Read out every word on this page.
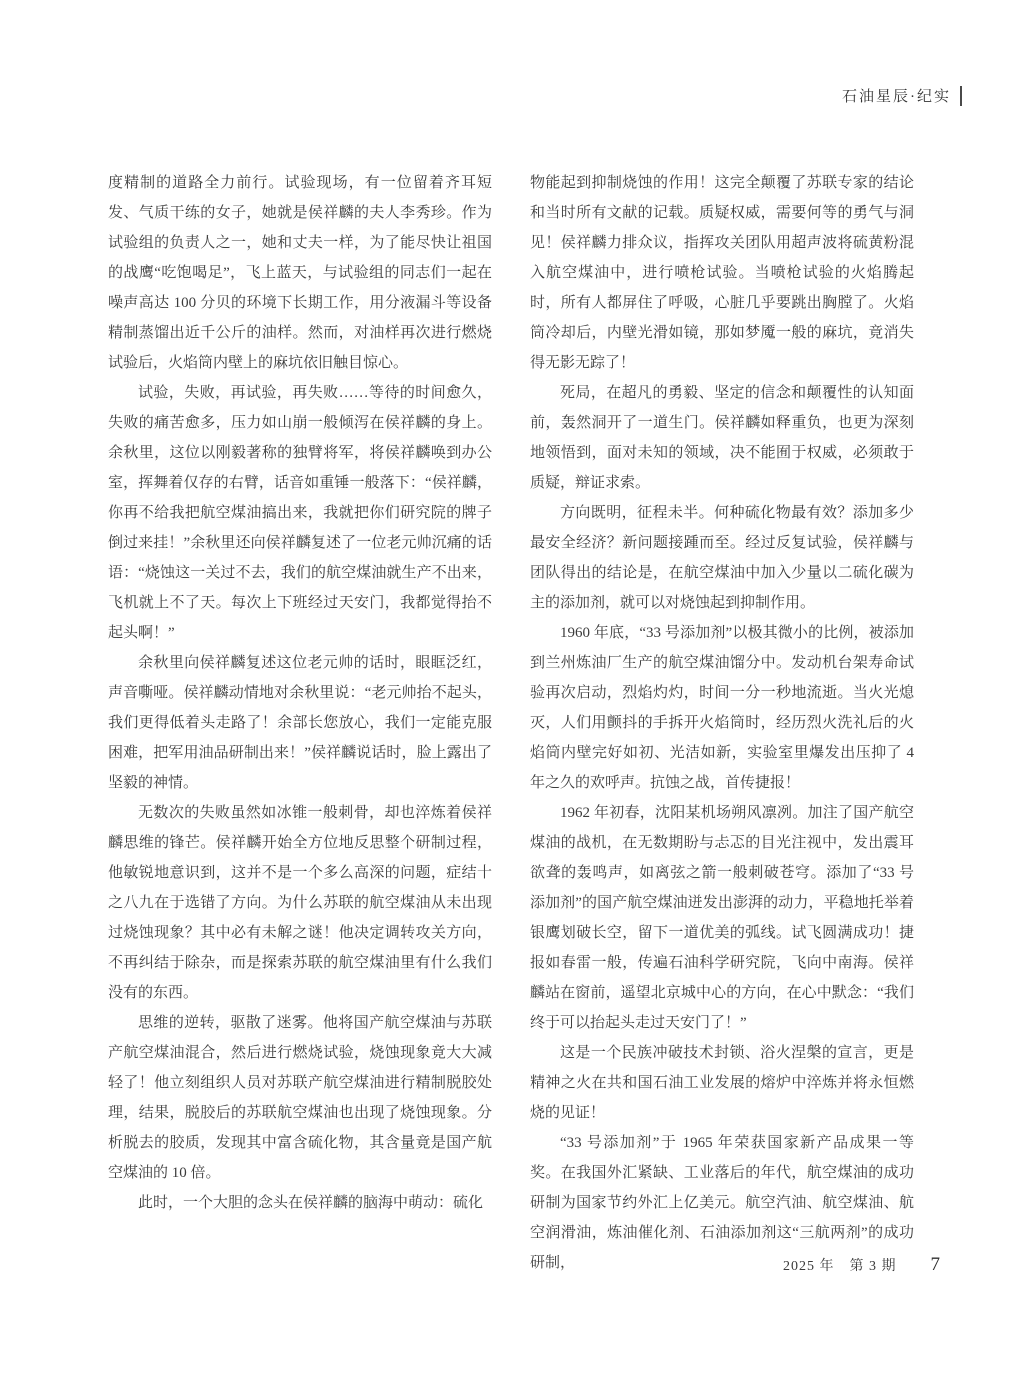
石油星辰·纪实

度精制的道路全力前行。试验现场，有一位留着齐耳短发、气质干练的女子，她就是侯祥麟的夫人李秀珍。作为试验组的负责人之一，她和丈夫一样，为了能尽快让祖国的战鹰“吃饱喝足”，飞上蓝天，与试验组的同志们一起在噪声高达 100 分贝的环境下长期工作，用分液漏斗等设备精制蒸馏出近千公斤的油样。然而，对油样再次进行燃烧试验后，火焰筒内壁上的麻坑依旧触目惊心。

试验，失败，再试验，再失败……等待的时间愈久，失败的痛苦愈多，压力如山崩一般倾泻在侯祥麟的身上。余秋里，这位以刚毅著称的独臂将军，将侯祥麟唤到办公室，挥舞着仅存的右臂，话音如重锤一般落下：“侯祥麟，你再不给我把航空煤油搞出来，我就把你们研究院的牌子倒过来挂！”余秋里还向侯祥麟复述了一位老元帅沉痛的话语：“烧蚀这一关过不去，我们的航空煤油就生产不出来，飞机就上不了天。每次上下班经过天安门，我都觉得抬不起头啊！”

余秋里向侯祥麟复述这位老元帅的话时，眼眶泛红，声音嘶哑。侯祥麟动情地对余秋里说：“老元帅抬不起头，我们更得低着头走路了！余部长您放心，我们一定能克服困难，把军用油品研制出来！”侯祥麟说话时，脸上露出了坚毅的神情。

无数次的失败虽然如冰锥一般刺骨，却也淬炼着侯祥麟思维的锋芒。侯祥麟开始全方位地反思整个研制过程，他敏锐地意识到，这并不是一个多么高深的问题，症结十之八九在于选错了方向。为什么苏联的航空煤油从未出现过烧蚀现象？其中必有未解之谜！他决定调转攻关方向，不再纠结于除杂，而是探索苏联的航空煤油里有什么我们没有的东西。

思维的逆转，驱散了迷雾。他将国产航空煤油与苏联产航空煤油混合，然后进行燃烧试验，烧蚀现象竟大大减轻了！他立刻组织人员对苏联产航空煤油进行精制脱胶处理，结果，脱胶后的苏联航空煤油也出现了烧蚀现象。分析脱去的胶质，发现其中富含硫化物，其含量竟是国产航空煤油的 10 倍。

此时，一个大胆的念头在侯祥麟的脑海中萌动：硫化

物能起到抑制烧蚀的作用！这完全颠覆了苏联专家的结论和当时所有文献的记载。质疑权威，需要何等的勇气与洞见！侯祥麟力排众议，指挥攻关团队用超声波将硫黄粉混入航空煤油中，进行喷枪试验。当喷枪试验的火焰腾起时，所有人都屏住了呼吸，心脏几乎要跳出胸膛了。火焰筒冷却后，内壁光滑如镜，那如梦魇一般的麻坑，竟消失得无影无踪了！

死局，在超凡的勇毅、坚定的信念和颠覆性的认知面前，轰然洞开了一道生门。侯祥麟如释重负，也更为深刻地领悟到，面对未知的领域，决不能囿于权威，必须敢于质疑，辩证求索。

方向既明，征程未半。何种硫化物最有效？添加多少最安全经济？新问题接踵而至。经过反复试验，侯祥麟与团队得出的结论是，在航空煤油中加入少量以二硫化碳为主的添加剂，就可以对烧蚀起到抑制作用。

1960 年底，“33 号添加剂”以极其微小的比例，被添加到兰州炼油厂生产的航空煤油馏分中。发动机台架寿命试验再次启动，烈焰灼灼，时间一分一秒地流逝。当火光熄灭，人们用颤抖的手拆开火焰筒时，经历烈火洗礼后的火焰筒内壁完好如初、光洁如新，实验室里爆发出压抑了 4 年之久的欢呼声。抗蚀之战，首传捷报！

1962 年初春，沈阳某机场朔风凛冽。加注了国产航空煤油的战机，在无数期盼与忐忑的目光注视中，发出震耳欲聋的轰鸣声，如离弦之箭一般刺破苍穹。添加了“33 号添加剂”的国产航空煤油迸发出澎湃的动力，平稳地托举着银鹰划破长空，留下一道优美的弧线。试飞圆满成功！捷报如春雷一般，传遍石油科学研究院，飞向中南海。侯祥麟站在窗前，遥望北京城中心的方向，在心中默念：“我们终于可以抬起头走过天安门了！”

这是一个民族冲破技术封锁、浴火涅槃的宣言，更是精神之火在共和国石油工业发展的熔炉中淬炼并将永恒燃烧的见证！

“33 号添加剂”于 1965 年荣获国家新产品成果一等奖。在我国外汇紧缺、工业落后的年代，航空煤油的成功研制为国家节约外汇上亿美元。航空汽油、航空煤油、航空润滑油，炼油催化剂、石油添加剂这“三航两剂”的成功研制，	2025 年　第 3 期 7
